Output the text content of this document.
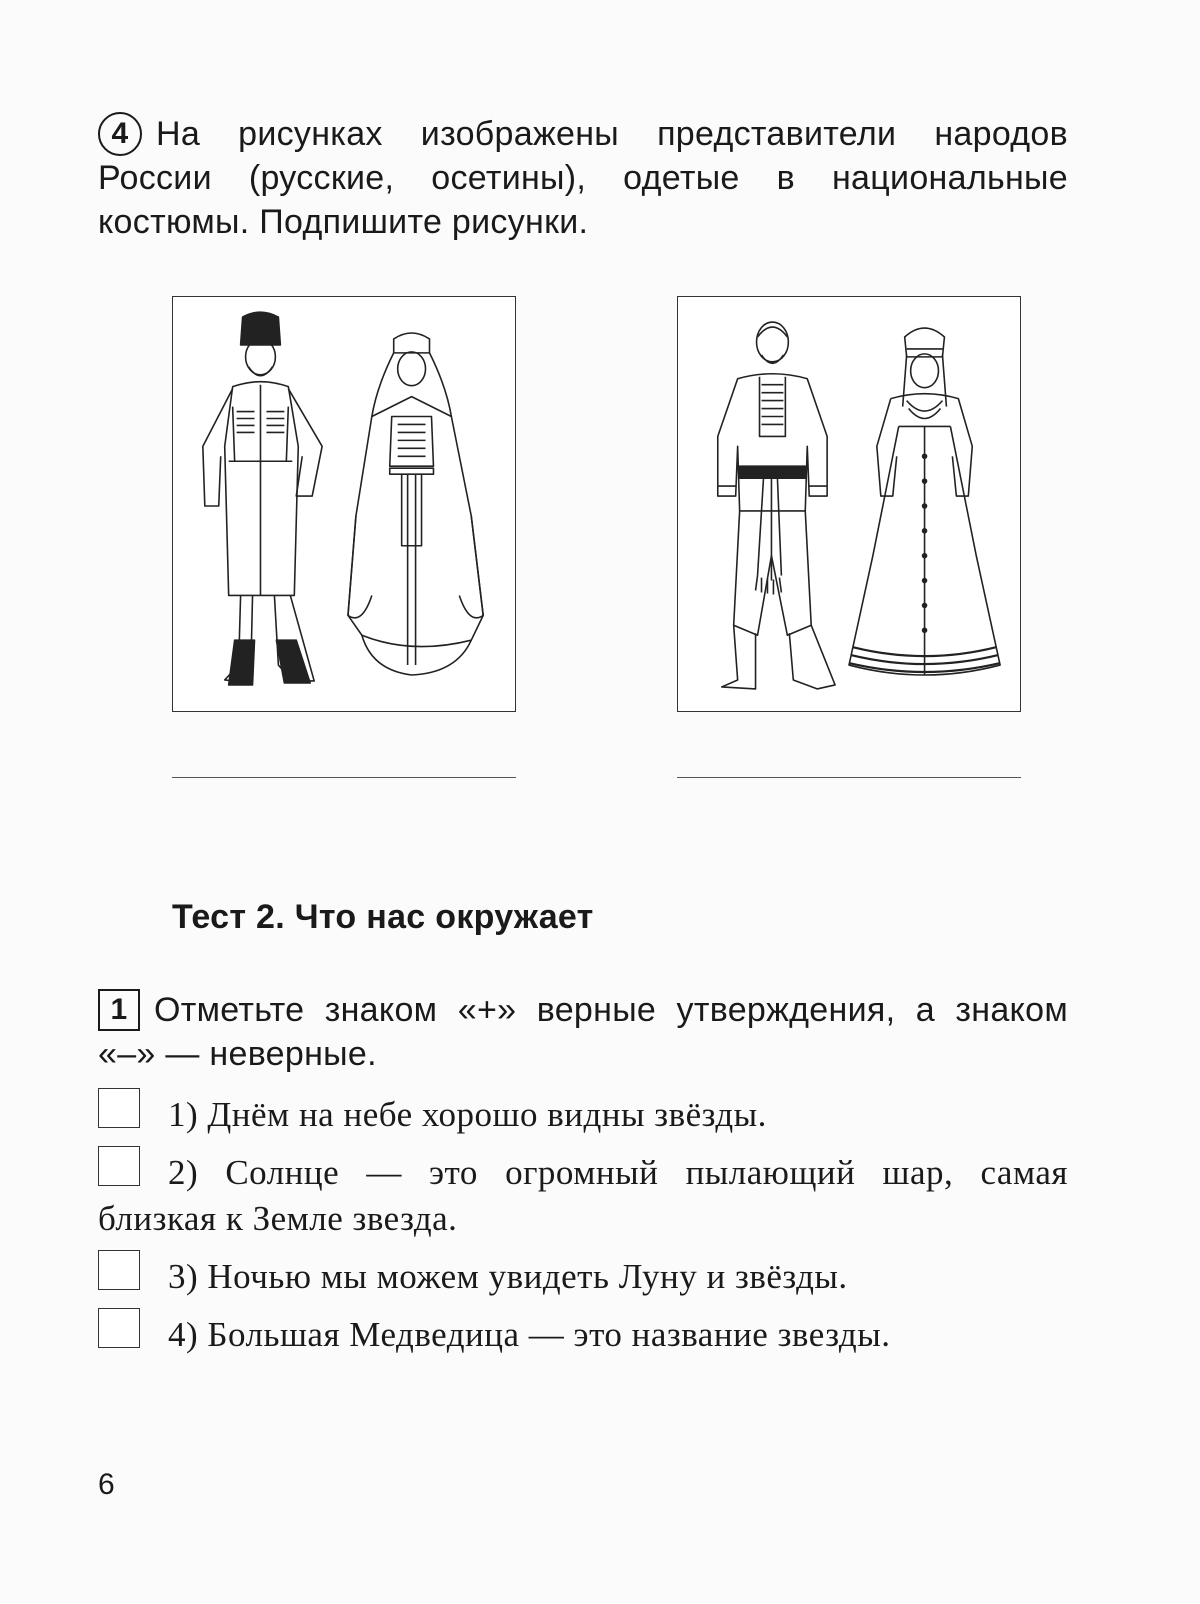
4 На рисунках изображены представители народов России (русские, осетины), одетые в национальные костюмы. Подпишите рисунки.
Тест 2. Что нас окружает
1 Отметьте знаком «+» верные утверждения, а знаком «–» — неверные.
1) Днём на небе хорошо видны звёзды.
2) Солнце — это огромный пылающий шар, самая близкая к Земле звезда.
3) Ночью мы можем увидеть Луну и звёзды.
4) Большая Медведица — это название звезды.
6
